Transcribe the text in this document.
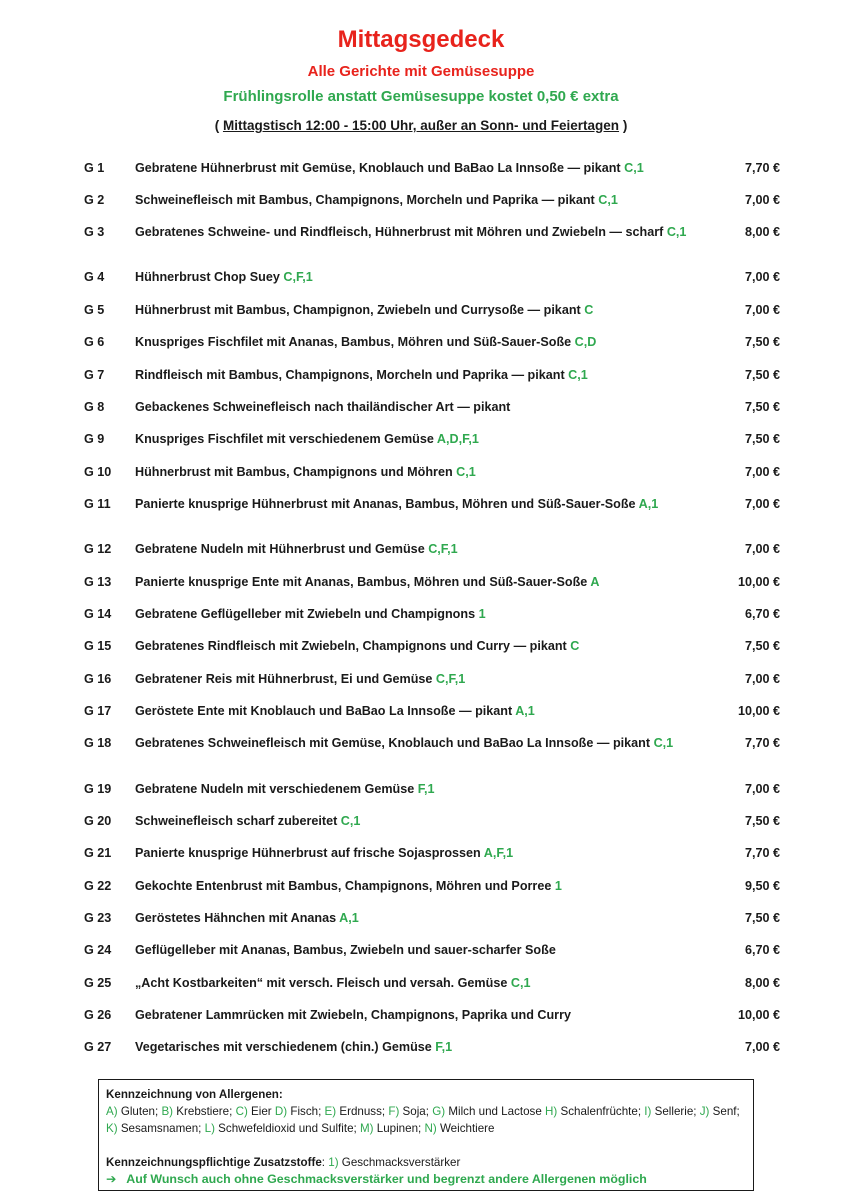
Mittagsgedeck
Alle Gerichte mit Gemüsesuppe
Frühlingsrolle anstatt Gemüsesuppe kostet 0,50 € extra
( Mittagstisch 12:00 - 15:00 Uhr, außer an Sonn- und Feiertagen )
G 1	Gebratene Hühnerbrust mit Gemüse, Knoblauch und BaBao La Innsoße — pikant C,1	7,70 €
G 2	Schweinefleisch mit Bambus, Champignons, Morcheln und Paprika — pikant C,1	7,00 €
G 3	Gebratenes Schweine- und Rindfleisch, Hühnerbrust mit Möhren und Zwiebeln — scharf C,1	8,00 €
G 4	Hühnerbrust Chop Suey C,F,1	7,00 €
G 5	Hühnerbrust mit Bambus, Champignon, Zwiebeln und Currysoße — pikant C	7,00 €
G 6	Knuspriges Fischfilet mit Ananas, Bambus, Möhren und Süß-Sauer-Soße C,D	7,50 €
G 7	Rindfleisch mit Bambus, Champignons, Morcheln und Paprika — pikant C,1	7,50 €
G 8	Gebackenes Schweinefleisch nach thailändischer Art — pikant	7,50 €
G 9	Knuspriges Fischfilet mit verschiedenem Gemüse A,D,F,1	7,50 €
G 10	Hühnerbrust mit Bambus, Champignons und Möhren C,1	7,00 €
G 11	Panierte knusprige Hühnerbrust mit Ananas, Bambus, Möhren und Süß-Sauer-Soße A,1	7,00 €
G 12	Gebratene Nudeln mit Hühnerbrust und Gemüse C,F,1	7,00 €
G 13	Panierte knusprige Ente mit Ananas, Bambus, Möhren und Süß-Sauer-Soße A	10,00 €
G 14	Gebratene Geflügelleber mit Zwiebeln und Champignons 1	6,70 €
G 15	Gebratenes Rindfleisch mit Zwiebeln, Champignons und Curry — pikant C	7,50 €
G 16	Gebratener Reis mit Hühnerbrust, Ei und Gemüse C,F,1	7,00 €
G 17	Geröstete Ente mit Knoblauch und BaBao La Innsoße — pikant A,1	10,00 €
G 18	Gebratenes Schweinefleisch mit Gemüse, Knoblauch und BaBao La Innsoße — pikant C,1	7,70 €
G 19	Gebratene Nudeln mit verschiedenem Gemüse F,1	7,00 €
G 20	Schweinefleisch scharf zubereitet C,1	7,50 €
G 21	Panierte knusprige Hühnerbrust auf frische Sojasprossen A,F,1	7,70 €
G 22	Gekochte Entenbrust mit Bambus, Champignons, Möhren und Porree 1	9,50 €
G 23	Geröstetes Hähnchen mit Ananas A,1	7,50 €
G 24	Geflügelleber mit Ananas, Bambus, Zwiebeln und sauer-scharfer Soße	6,70 €
G 25	„Acht Kostbarkeiten“ mit versch. Fleisch und versah. Gemüse C,1	8,00 €
G 26	Gebratener Lammrücken mit Zwiebeln, Champignons, Paprika und Curry	10,00 €
G 27	Vegetarisches mit verschiedenem (chin.) Gemüse F,1	7,00 €
Kennzeichnung von Allergenen:
A) Gluten; B) Krebstiere; C) Eier D) Fisch; E) Erdnuss; F) Soja; G) Milch und Lactose H) Schalenfrüchte; I) Sellerie; J) Senf; K) Sesamsnamen; L) Schwefeldioxid und Sulfite; M) Lupinen; N) Weichtiere
Kennzeichnungspflichtige Zusatzstoffe: 1) Geschmacksverstärker
➔ Auf Wunsch auch ohne Geschmacksverstärker und begrenzt andere Allergenen möglich
